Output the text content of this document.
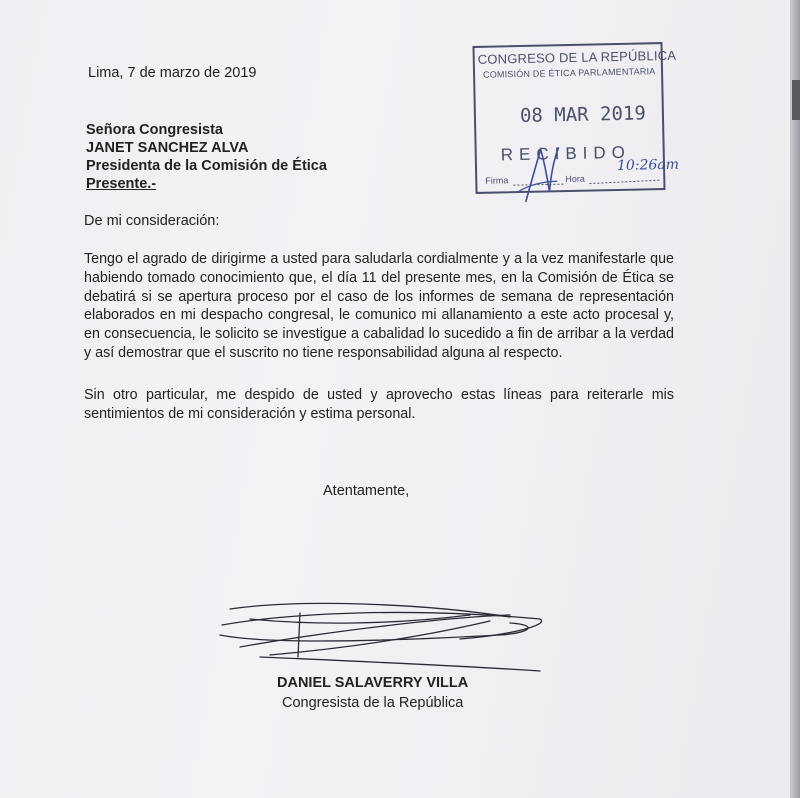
Lima, 7 de marzo de 2019
Señora Congresista
JANET SANCHEZ ALVA
Presidenta de la Comisión de Ética
Presente.-
De mi consideración:
Tengo el agrado de dirigirme a usted para saludarla cordialmente y a la vez manifestarle que habiendo tomado conocimiento que, el día 11 del presente mes, en la Comisión de Ética se debatirá si se apertura proceso por el caso de los informes de semana de representación elaborados en mi despacho congresal, le comunico mi allanamiento a este acto procesal y, en consecuencia, le solicito se investigue a cabalidad lo sucedido a fin de arribar a la verdad y así demostrar que el suscrito no tiene responsabilidad alguna al respecto.
Sin otro particular, me despido de usted y aprovecho estas líneas para reiterarle mis sentimientos de mi consideración y estima personal.
Atentamente,
DANIEL SALAVERRY VILLA
Congresista de la República
CONGRESO DE LA REPÚBLICA
COMISIÓN DE ÉTICA PARLAMENTARIA
08 MAR 2019
RECIBIDO
Firma	Hora
10:26am
